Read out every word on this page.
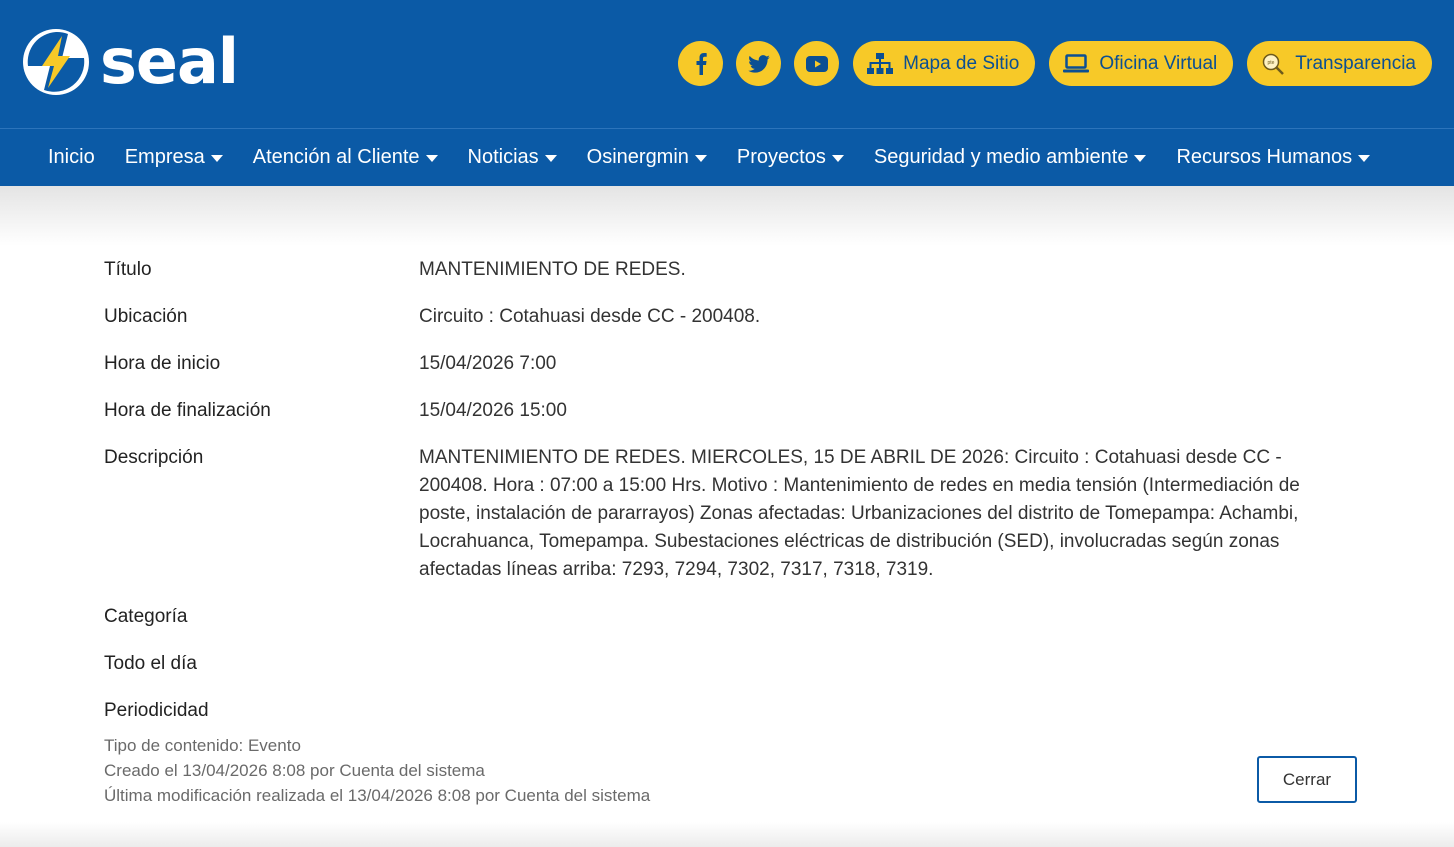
seal	Mapa de Sitio	Oficina Virtual	pte Transparencia
Inicio Empresa Atención al Cliente Noticias Osinergmin Proyectos Seguridad y medio ambiente Recursos Humanos
Título	MANTENIMIENTO DE REDES.
Ubicación	Circuito : Cotahuasi desde CC - 200408.
Hora de inicio	15/04/2026 7:00
Hora de finalización	15/04/2026 15:00
Descripción	MANTENIMIENTO DE REDES. MIERCOLES, 15 DE ABRIL DE 2026: Circuito : Cotahuasi desde CC - 200408. Hora : 07:00 a 15:00 Hrs. Motivo : Mantenimiento de redes en media tensión (Intermediación de poste, instalación de pararrayos) Zonas afectadas: Urbanizaciones del distrito de Tomepampa: Achambi, Locrahuanca, Tomepampa. Subestaciones eléctricas de distribución (SED), involucradas según zonas afectadas líneas arriba: 7293, 7294, 7302, 7317, 7318, 7319.
Categoría
Todo el día
Periodicidad
Tipo de contenido: Evento
Creado el 13/04/2026 8:08 por Cuenta del sistema
Última modificación realizada el 13/04/2026 8:08 por Cuenta del sistema
Cerrar
